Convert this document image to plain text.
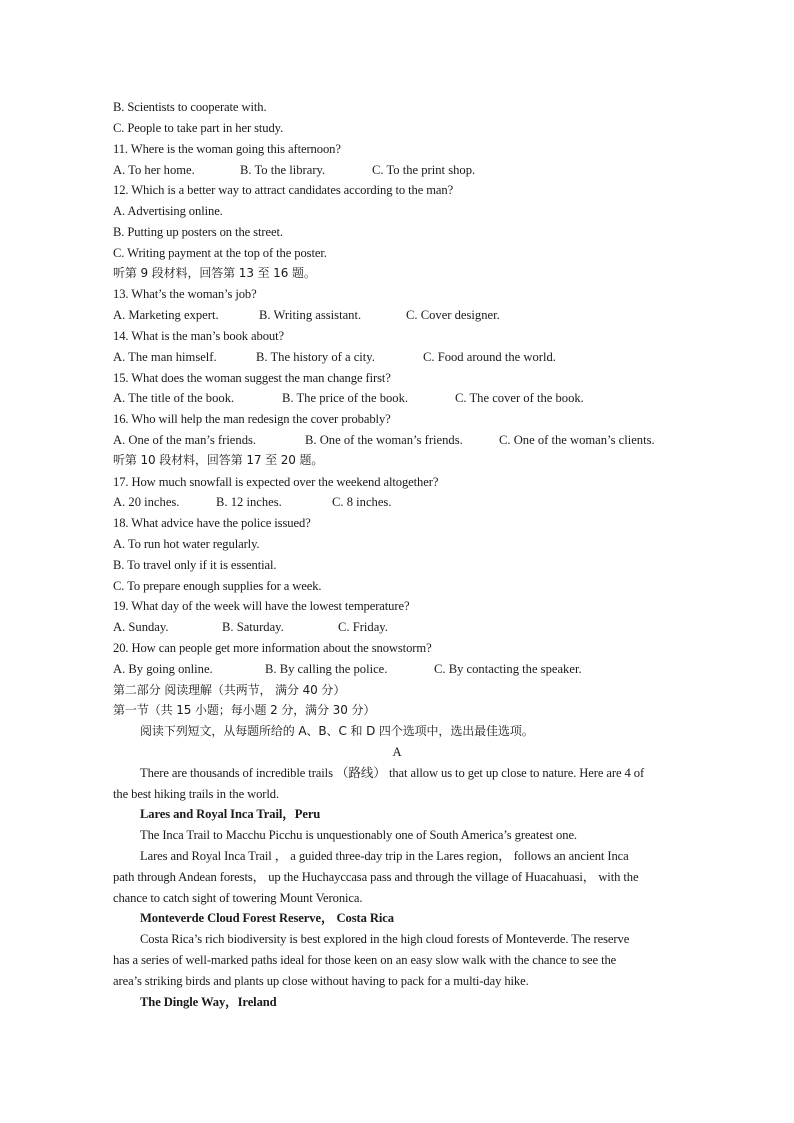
B. Scientists to cooperate with.
C. People to take part in her study.
11. Where is the woman going this afternoon?
A. To her home.	B. To the library.	C. To the print shop.
12. Which is a better way to attract candidates according to the man?
A. Advertising online.
B. Putting up posters on the street.
C. Writing payment at the top of the poster.
听第 9 段材料，回答第 13 至 16 题。
13. What’s the woman’s job?
A. Marketing expert.	B. Writing assistant.	C. Cover designer.
14. What is the man’s book about?
A. The man himself.	B. The history of a city.	C. Food around the world.
15. What does the woman suggest the man change first?
A. The title of the book.	B. The price of the book.	C. The cover of the book.
16. Who will help the man redesign the cover probably?
A. One of the man’s friends.	B. One of the woman’s friends.	C. One of the woman’s clients.
听第 10 段材料，回答第 17 至 20 题。
17. How much snowfall is expected over the weekend altogether?
A. 20 inches.	B. 12 inches.	C. 8 inches.
18. What advice have the police issued?
A. To run hot water regularly.
B. To travel only if it is essential.
C. To prepare enough supplies for a week.
19. What day of the week will have the lowest temperature?
A. Sunday.	B. Saturday.	C. Friday.
20. How can people get more information about the snowstorm?
A. By going online.	B. By calling the police.	C. By contacting the speaker.
第二部分 阅读理解（共两节， 满分 40 分）
第一节（共 15 小题；每小题 2 分，满分 30 分）
阅读下列短文，从每题所给的 A、B、C 和 D 四个选项中，选出最佳选项。
A
There are thousands of incredible trails （路线） that allow us to get up close to nature. Here are 4 of
the best hiking trails in the world.
Lares and Royal Inca Trail，Peru
The Inca Trail to Macchu Picchu is unquestionably one of South America’s greatest one.
Lares and Royal Inca Trail ， a guided three-day trip in the Lares region， follows an ancient Inca
path through Andean forests， up the Huchayccasa pass and through the village of Huacahuasi， with the
chance to catch sight of towering Mount Veronica.
Monteverde Cloud Forest Reserve， Costa Rica
Costa Rica’s rich biodiversity is best explored in the high cloud forests of Monteverde. The reserve
has a series of well-marked paths ideal for those keen on an easy slow walk with the chance to see the
area’s striking birds and plants up close without having to pack for a multi-day hike.
The Dingle Way，Ireland
